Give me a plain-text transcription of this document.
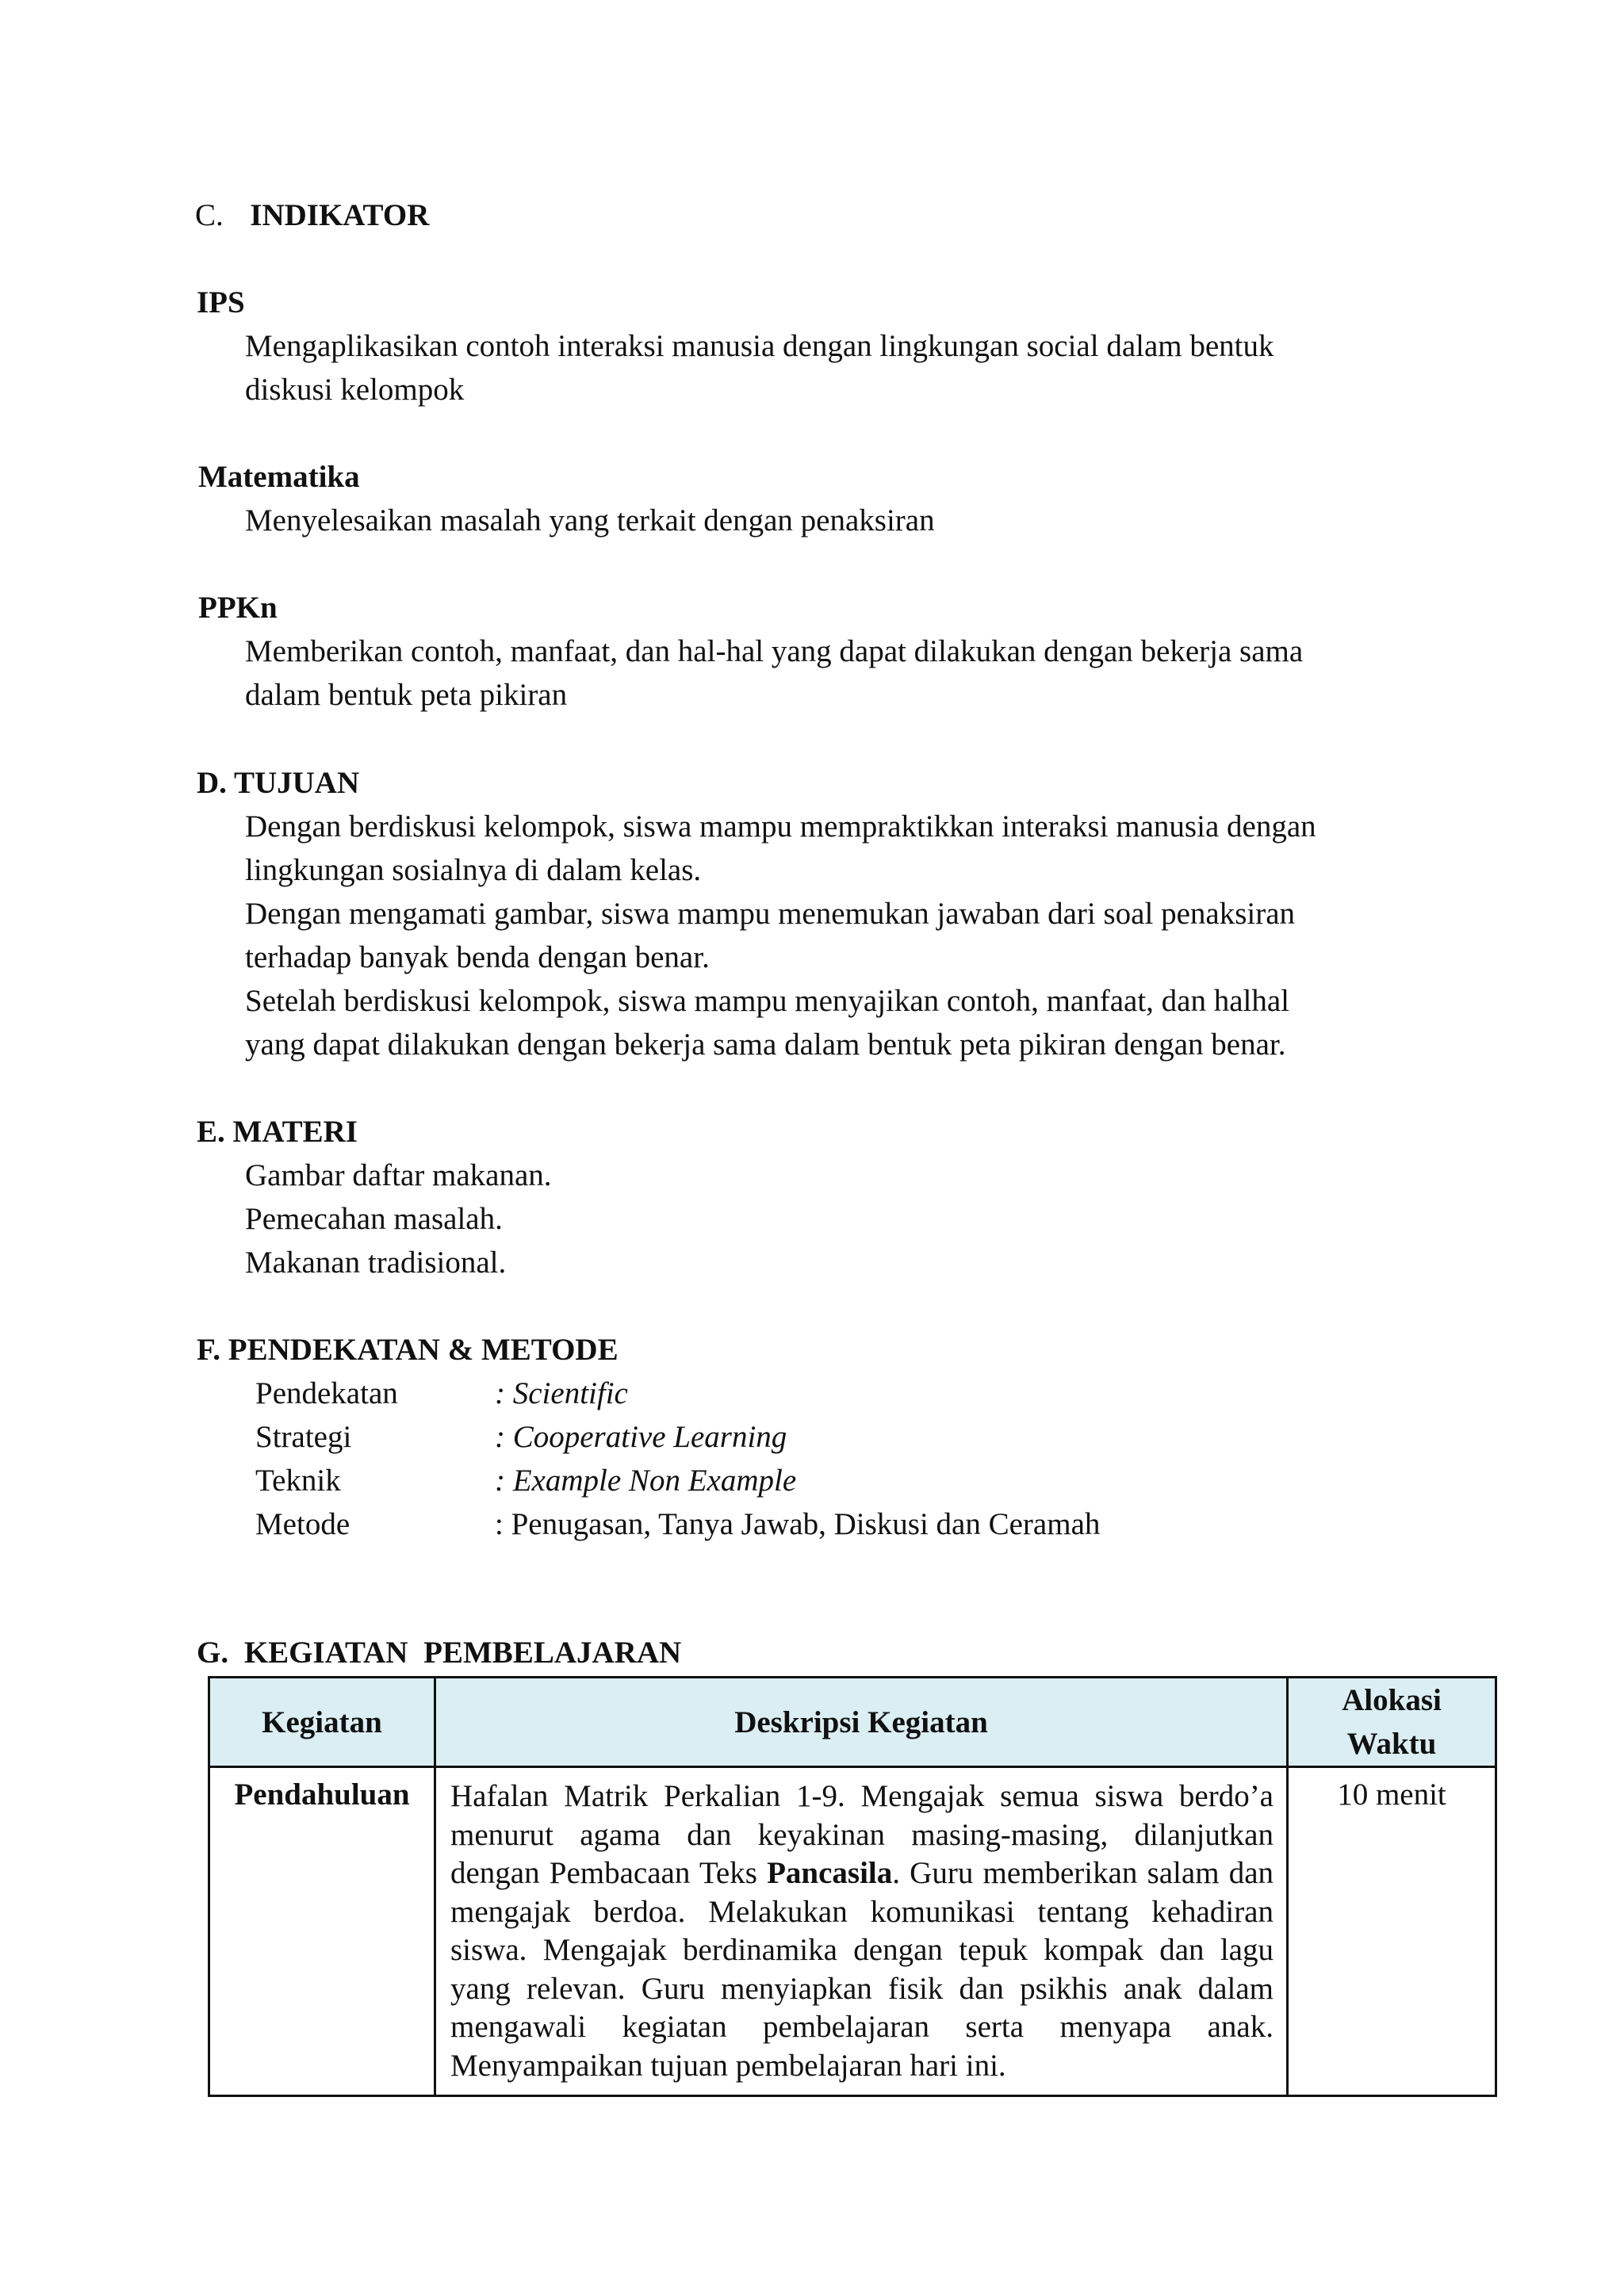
C. INDIKATOR
IPS
Mengaplikasikan contoh interaksi manusia dengan lingkungan social dalam bentuk
diskusi kelompok
Matematika
Menyelesaikan masalah yang terkait dengan penaksiran
PPKn
Memberikan contoh, manfaat, dan hal-hal yang dapat dilakukan dengan bekerja sama
dalam bentuk peta pikiran
D. TUJUAN
Dengan berdiskusi kelompok, siswa mampu mempraktikkan interaksi manusia dengan
lingkungan sosialnya di dalam kelas.
Dengan mengamati gambar, siswa mampu menemukan jawaban dari soal penaksiran
terhadap banyak benda dengan benar.
Setelah berdiskusi kelompok, siswa mampu menyajikan contoh, manfaat, dan halhal
yang dapat dilakukan dengan bekerja sama dalam bentuk peta pikiran dengan benar.
E. MATERI
Gambar daftar makanan.
Pemecahan masalah.
Makanan tradisional.
F. PENDEKATAN & METODE
Pendekatan	: Scientific
Strategi	: Cooperative Learning
Teknik	: Example Non Example
Metode	: Penugasan, Tanya Jawab, Diskusi dan Ceramah
G. KEGIATAN PEMBELAJARAN
Kegiatan	Deskripsi Kegiatan	Alokasi
Waktu

Pendahuluan	Hafalan Matrik Perkalian 1-9. Mengajak semua siswa berdo’a menurut agama dan keyakinan masing-masing, dilanjutkan dengan Pembacaan Teks Pancasila. Guru memberikan salam dan mengajak berdoa. Melakukan komunikasi tentang kehadiran siswa. Mengajak berdinamika dengan tepuk kompak dan lagu yang relevan. Guru menyiapkan fisik dan psikhis anak dalam mengawali kegiatan pembelajaran serta menyapa anak. Menyampaikan tujuan pembelajaran hari ini.	10 menit
